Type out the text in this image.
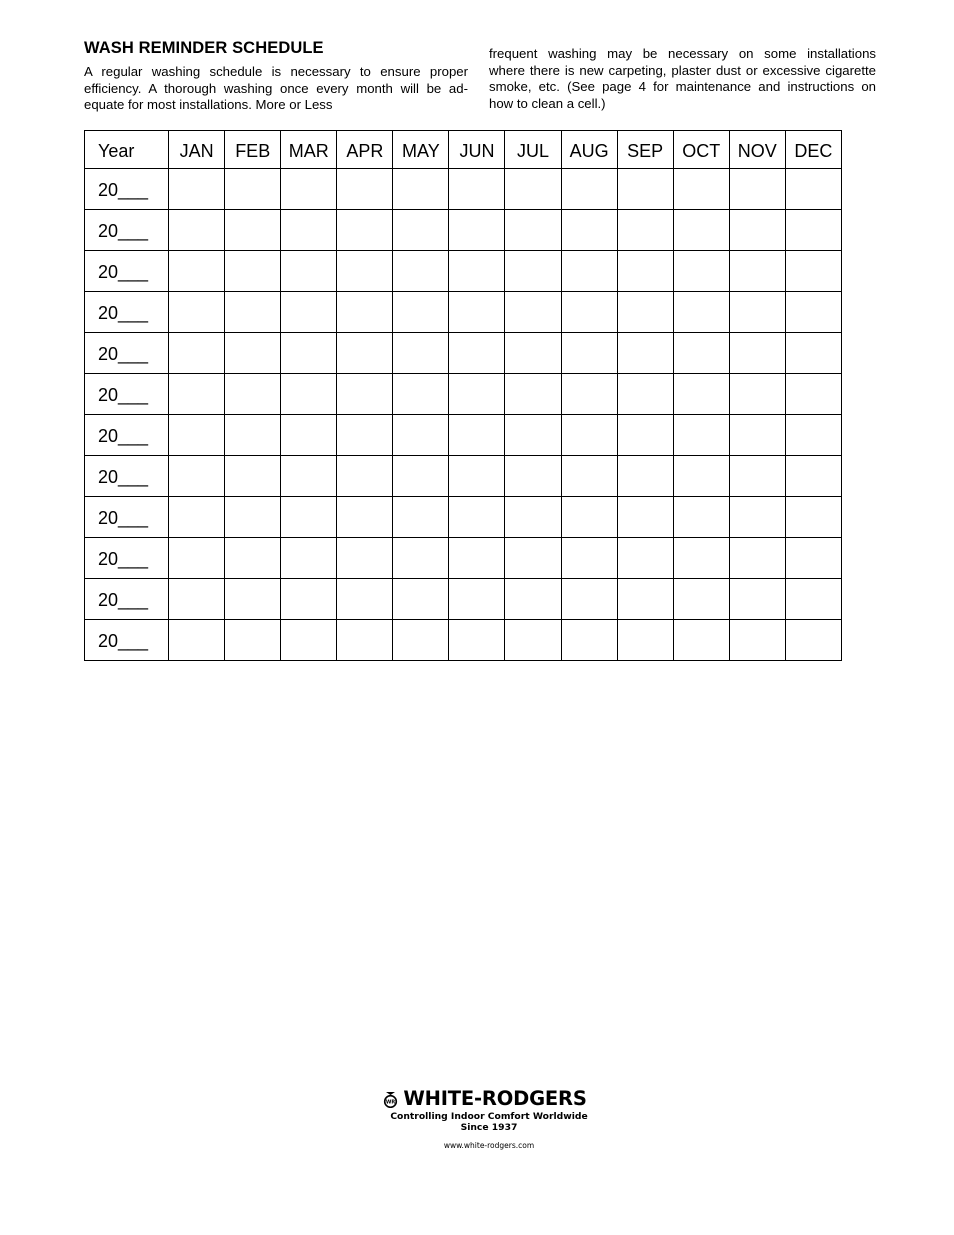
WASH REMINDER SCHEDULE

A regular washing schedule is necessary to ensure proper
efficiency. A thorough washing once every month will be ad-
equate for most installations. More or Less

frequent washing may be necessary on some installations
where there is new carpeting, plaster dust or excessive cigarette
smoke, etc. (See page 4 for maintenance and instructions on
how to clean a cell.)

Year	JAN	FEB	MAR	APR	MAY	JUN	JUL	AUG	SEP	OCT	NOV	DEC
20___												
20___												
20___												
20___												
20___												
20___												
20___												
20___												
20___												
20___												
20___												
20___												
WR WHITE-RODGERS
Controlling Indoor Comfort Worldwide
Since 1937
www.white-rodgers.com
